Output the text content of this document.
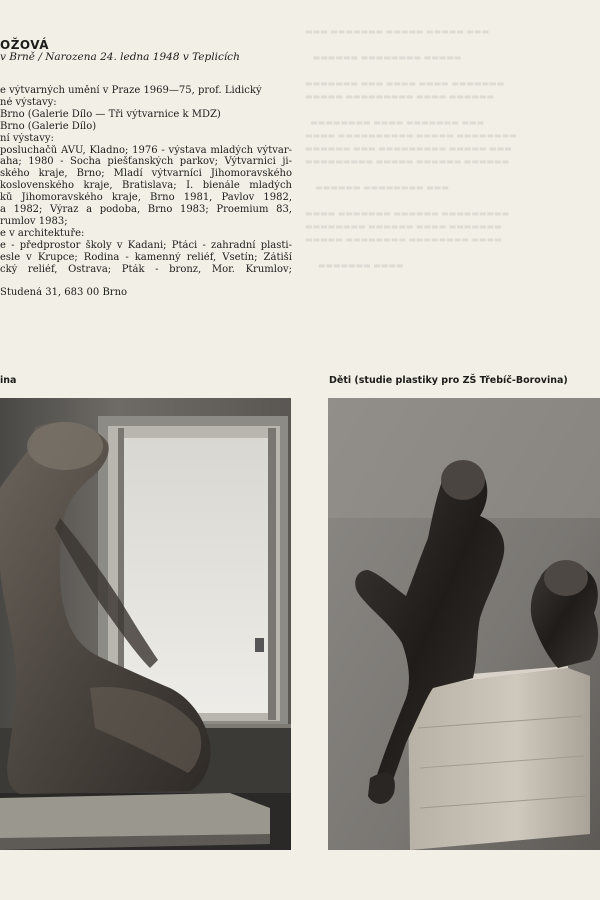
▬▬▬ ▬▬▬▬▬▬▬ ▬▬▬▬▬ ▬▬▬▬▬ ▬▬▬

▬▬▬▬▬▬ ▬▬▬▬▬▬▬▬ ▬▬▬▬▬

▬▬▬▬▬▬▬ ▬▬▬ ▬▬▬▬ ▬▬▬▬ ▬▬▬▬▬▬▬
▬▬▬▬▬ ▬▬▬▬▬▬▬▬▬ ▬▬▬▬ ▬▬▬▬▬▬

▬▬▬▬▬▬▬▬ ▬▬▬▬ ▬▬▬▬▬▬▬ ▬▬▬
▬▬▬▬ ▬▬▬▬▬▬▬▬▬▬ ▬▬▬▬▬ ▬▬▬▬▬▬▬▬
▬▬▬▬▬▬ ▬▬▬ ▬▬▬▬▬▬▬▬▬ ▬▬▬▬▬ ▬▬▬
▬▬▬▬▬▬▬▬▬ ▬▬▬▬▬ ▬▬▬▬▬▬ ▬▬▬▬▬▬

▬▬▬▬▬▬ ▬▬▬▬▬▬▬▬ ▬▬▬

▬▬▬▬ ▬▬▬▬▬▬▬ ▬▬▬▬▬▬ ▬▬▬▬▬▬▬▬▬
▬▬▬▬▬▬▬▬ ▬▬▬▬▬▬ ▬▬▬▬ ▬▬▬▬▬▬▬
▬▬▬▬▬ ▬▬▬▬▬▬▬▬ ▬▬▬▬▬▬▬▬ ▬▬▬▬

▬▬▬▬▬▬▬ ▬▬▬▬
OŽOVÁ
v Brně / Narozena 24. ledna 1948 v Teplicích
e výtvarných umění v Praze 1969—75, prof. Lidický
né výstavy:
Brno (Galerie Dílo — Tři výtvarnice k MDŽ)
Brno (Galerie Dílo)
ní výstavy:
posluchačů AVU, Kladno; 1976 - výstava mladých výtvar-
aha; 1980 - Socha piešťanských parkov; Výtvarnici ji-
ského kraje, Brno; Mladí výtvarníci Jihomoravského
koslovenského kraje, Bratislava; I. bienále mladých
ků Jihomoravského kraje, Brno 1981, Pavlov 1982,
a 1982; Výraz a podoba, Brno 1983; Proemium 83,
rumlov 1983;
e v architektuře:
e - předprostor školy v Kadani; Ptáci - zahradní plasti-
esle v Krupce; Rodina - kamenný reliéf, Vsetín; Zátiší
cký reliéf, Ostrava; Pták - bronz, Mor. Krumlov;
Studená 31, 683 00 Brno
ina	Děti (studie plastiky pro ZŠ Třebíč-Borovina)
